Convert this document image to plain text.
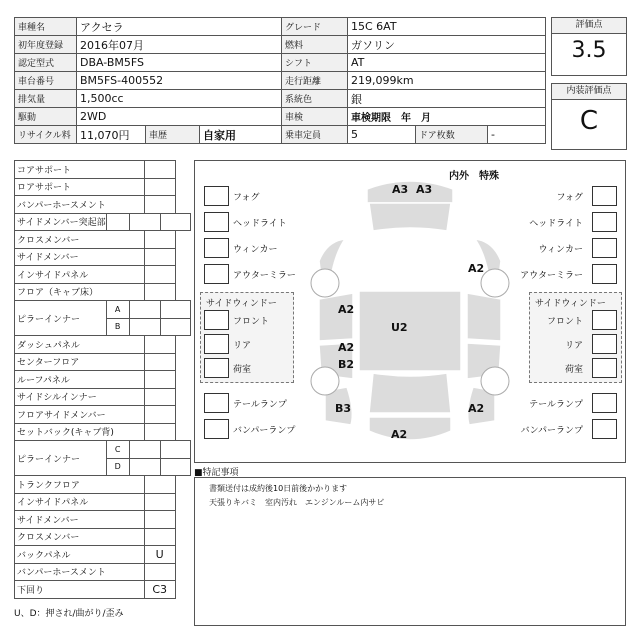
車種名	アクセラ			グレード	15C 6AT		
初年度登録	2016年07月			燃料	ガソリン		
認定型式	DBA-BM5FS			シフト	AT		
車台番号	BM5FS-400552			走行距離	219,099km		
排気量	1,500cc			系統色	銀		
駆動	2WD			車検	車検期限　年　月		
リサイクル料	11,070円	車歴	自家用	乗車定員	5	ドア枚数	-
評価点
3.5
内装評価点
C
コアサポート					
ロアサポート					
バンパーホースメント					
サイドメンバー突起部					
クロスメンバー					
サイドメンバー					
インサイドパネル					
フロア（キャブ床）					
ピラーインナー	A				
	B				
ダッシュパネル					
センターフロア					
ルーフパネル					
サイドシルインナー					
フロアサイドメンバー					
セットバック(キャブ背)					
ピラーインナー	C				
	D				
トランクフロア					
インサイドパネル					
サイドメンバー					
クロスメンバー					
バックパネル			U		
バンパーホースメント					
下回り			C3		
内外　特殊
フォグ
ヘッドライト
ウィンカー
アウターミラー
サイドウィンドー
フロント
リア
荷室
テールランプ
バンパーランプ
フォグ
ヘッドライト
ウィンカー
アウターミラー
サイドウィンドー
フロント
リア
荷室
テールランプ
バンパーランプ
A3 A3
A2
A2
U2
A2
B2
B3	A2
A2
■特記事項
書類送付は成約後10日前後かかります
天張りキバミ　室内汚れ　エンジンルーム内サビ
U、D：押され/曲がり/歪み
